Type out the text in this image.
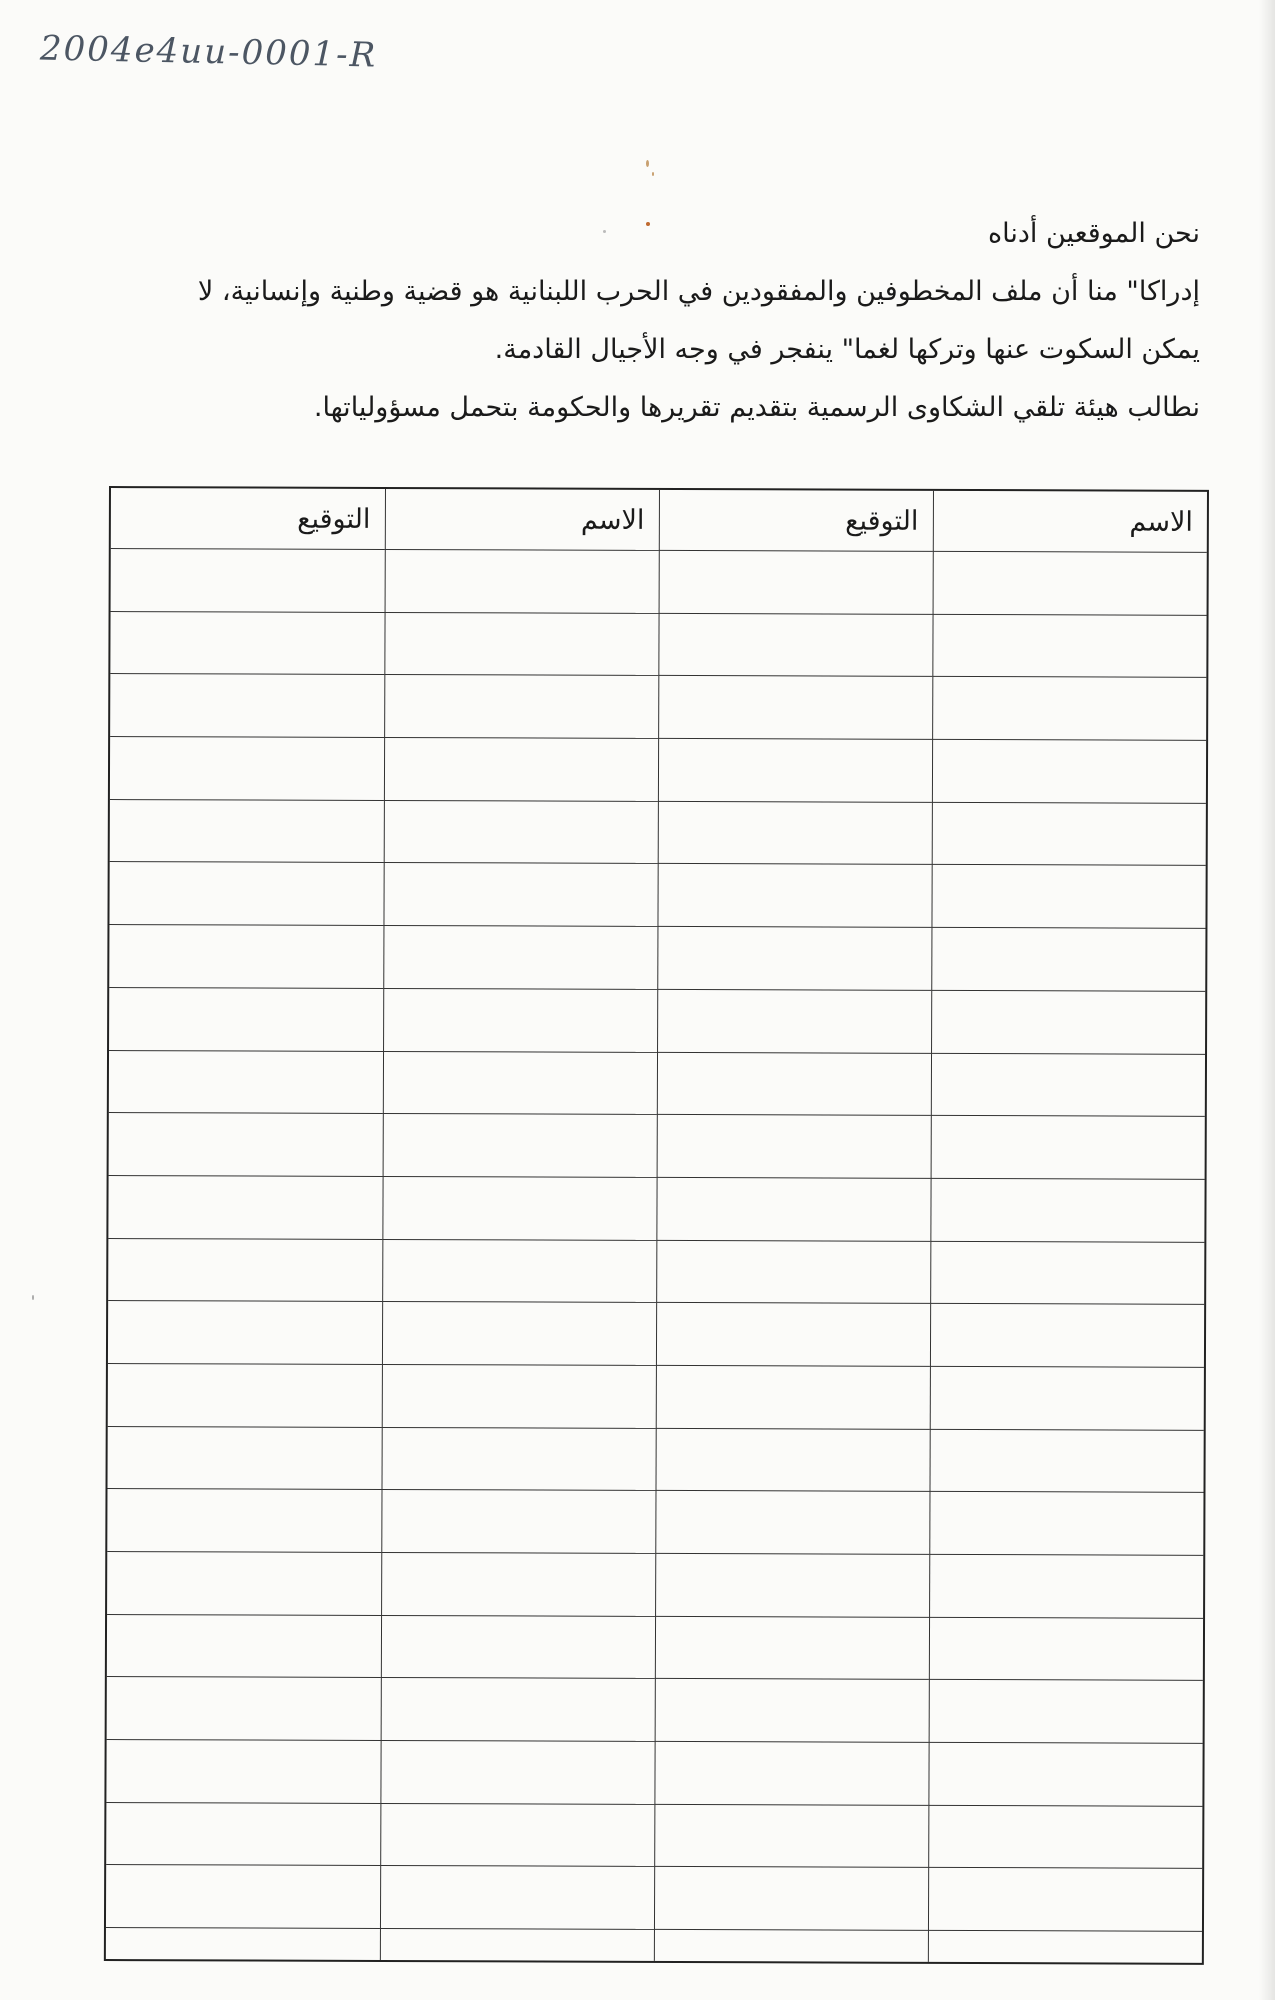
2004e4uu-0001-R

نحن الموقعين أدناه

إدراكا" منا أن ملف المخطوفين والمفقودين في الحرب اللبنانية هو قضية وطنية وإنسانية، لا

يمكن السكوت عنها وتركها لغما" ينفجر في وجه الأجيال القادمة.

نطالب هيئة تلقي الشكاوى الرسمية بتقديم تقريرها والحكومة بتحمل مسؤولياتها.

الاسم	التوقيع	الاسم	التوقيع
